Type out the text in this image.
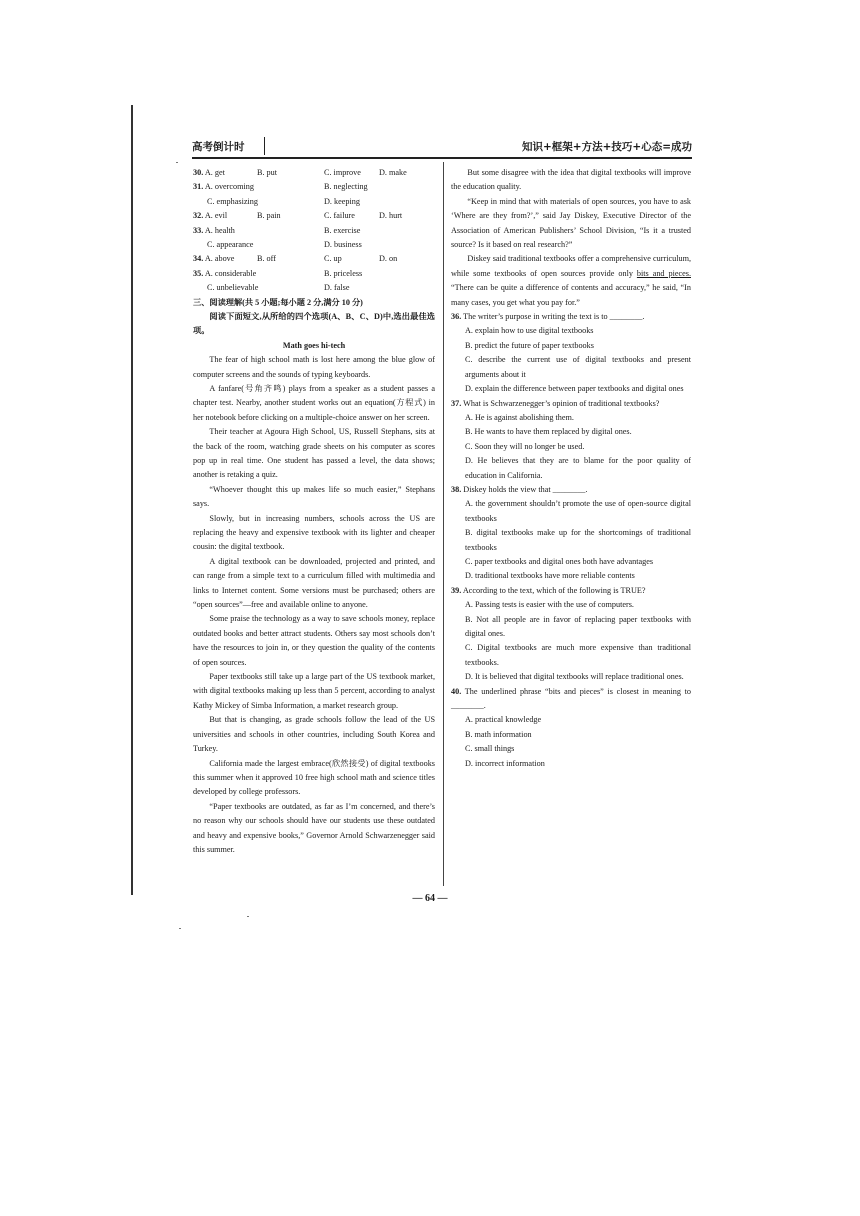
高考倒计时	知识+框架+方法+技巧+心态=成功
30. A. get	B. put	C. improve D. make
31. A. overcoming	B. neglecting
C. emphasizing	D. keeping
32. A. evil	B. pain	C. failure	D. hurt
33. A. health	B. exercise
C. appearance	D. business
34. A. above	B. off	C. up	D. on
35. A. considerable	B. priceless
C. unbelievable	D. false
三、阅读理解(共 5 小题;每小题 2 分,满分 10 分)

阅读下面短文,从所给的四个选项(A、B、C、D)中,选出最佳选项。

Math goes hi-tech

The fear of high school math is lost here among the blue glow of computer screens and the sounds of typing keyboards.

A fanfare(号角齐鸣) plays from a speaker as a student passes a chapter test. Nearby, another student works out an equation(方程式) in her notebook before clicking on a multiple-choice answer on her screen.

Their teacher at Agoura High School, US, Russell Stephans, sits at the back of the room, watching grade sheets on his computer as scores pop up in real time. One student has passed a level, the data shows; another is retaking a quiz.

“Whoever thought this up makes life so much easier,” Stephans says.

Slowly, but in increasing numbers, schools across the US are replacing the heavy and expensive textbook with its lighter and cheaper cousin: the digital textbook.

A digital textbook can be downloaded, projected and printed, and can range from a simple text to a curriculum filled with multimedia and links to Internet content. Some versions must be purchased; others are “open sources”—free and available online to anyone.

Some praise the technology as a way to save schools money, replace outdated books and better attract students. Others say most schools don’t have the resources to join in, or they question the quality of the contents of open sources.

Paper textbooks still take up a large part of the US textbook market, with digital textbooks making up less than 5 percent, according to analyst Kathy Mickey of Simba Information, a market research group.

But that is changing, as grade schools follow the lead of the US universities and schools in other countries, including South Korea and Turkey.

California made the largest embrace(欣然接受) of digital textbooks this summer when it approved 10 free high school math and science titles developed by college professors.

“Paper textbooks are outdated, as far as I’m concerned, and there’s no reason why our schools should have our students use these outdated and heavy and expensive books,” Governor Arnold Schwarzenegger said this summer.

But some disagree with the idea that digital textbooks will improve the education quality.

“Keep in mind that with materials of open sources, you have to ask ‘Where are they from?’,” said Jay Diskey, Executive Director of the Association of American Publishers’ School Division, “Is it a trusted source? Is it based on real research?”

Diskey said traditional textbooks offer a comprehensive curriculum, while some textbooks of open sources provide only bits and pieces. “There can be quite a difference of contents and accuracy,” he said, “In many cases, you get what you pay for.”

36. The writer’s purpose in writing the text is to ________.

A. explain how to use digital textbooks

B. predict the future of paper textbooks

C. describe the current use of digital textbooks and present arguments about it

D. explain the difference between paper textbooks and digital ones

37. What is Schwarzenegger’s opinion of traditional textbooks?

A. He is against abolishing them.

B. He wants to have them replaced by digital ones.

C. Soon they will no longer be used.

D. He believes that they are to blame for the poor quality of education in California.

38. Diskey holds the view that ________.

A. the government shouldn’t promote the use of open-source digital textbooks

B. digital textbooks make up for the shortcomings of traditional textbooks

C. paper textbooks and digital ones both have advantages

D. traditional textbooks have more reliable contents

39. According to the text, which of the following is TRUE?

A. Passing tests is easier with the use of computers.

B. Not all people are in favor of replacing paper textbooks with digital ones.

C. Digital textbooks are much more expensive than traditional textbooks.

D. It is believed that digital textbooks will replace traditional ones.

40. The underlined phrase “bits and pieces” is closest in meaning to ________.

A. practical knowledge

B. math information

C. small things

D. incorrect information

— 64 —
